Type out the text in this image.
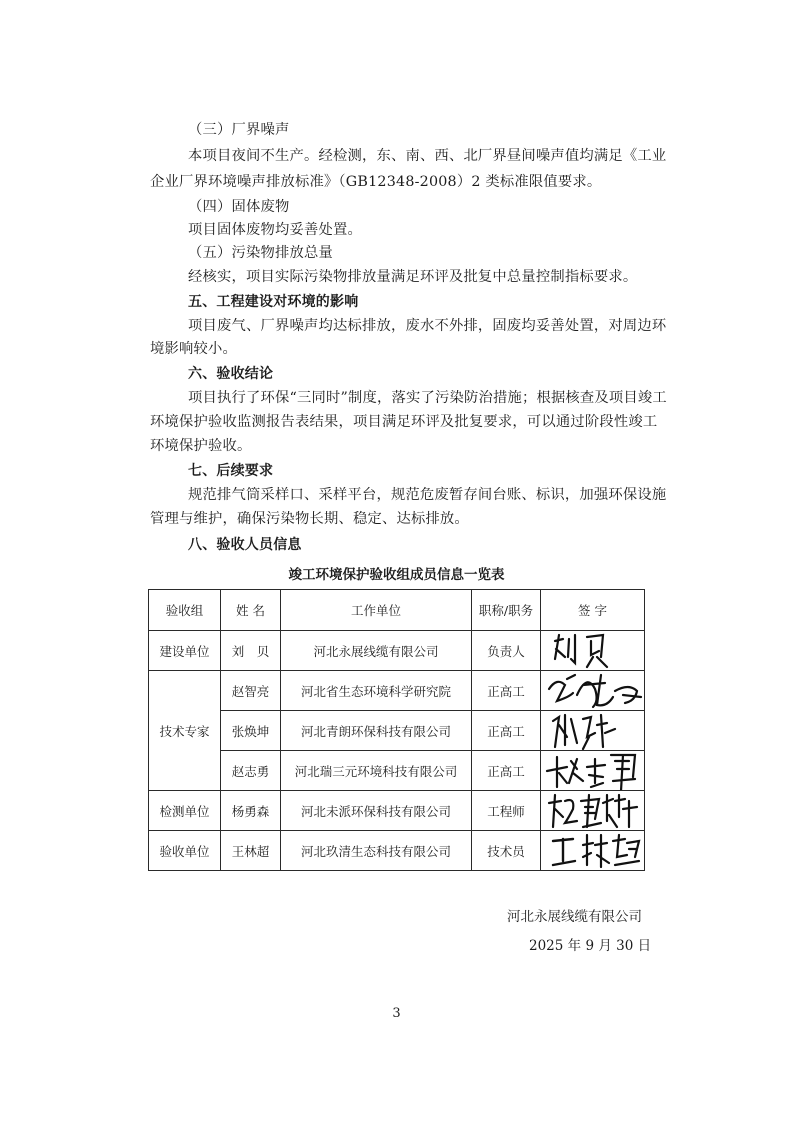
（三）厂界噪声
本项目夜间不生产。经检测，东、南、西、北厂界昼间噪声值均满足《工业
企业厂界环境噪声排放标准》（GB12348-2008）2 类标准限值要求。
（四）固体废物
项目固体废物均妥善处置。
（五）污染物排放总量
经核实，项目实际污染物排放量满足环评及批复中总量控制指标要求。
五、工程建设对环境的影响
项目废气、厂界噪声均达标排放，废水不外排，固废均妥善处置，对周边环
境影响较小。
六、验收结论
项目执行了环保“三同时”制度，落实了污染防治措施；根据核查及项目竣工
环境保护验收监测报告表结果，项目满足环评及批复要求，可以通过阶段性竣工
环境保护验收。
七、后续要求
规范排气筒采样口、采样平台，规范危废暂存间台账、标识，加强环保设施
管理与维护，确保污染物长期、稳定、达标排放。
八、验收人员信息
竣工环境保护验收组成员信息一览表
验收组	姓 名	工作单位	职称/职务	签 字
建设单位	刘　贝	河北永展线缆有限公司	负责人	

技术专家	赵智亮	河北省生态环境科学研究院	正高工	

	张焕坤	河北青朗环保科技有限公司	正高工	

	赵志勇	河北瑞三元环境科技有限公司	正高工	

检测单位	杨勇森	河北未派环保科技有限公司	工程师	

验收单位	王林超	河北玖清生态科技有限公司	技术员	
河北永展线缆有限公司
2025 年 9 月 30 日
3
